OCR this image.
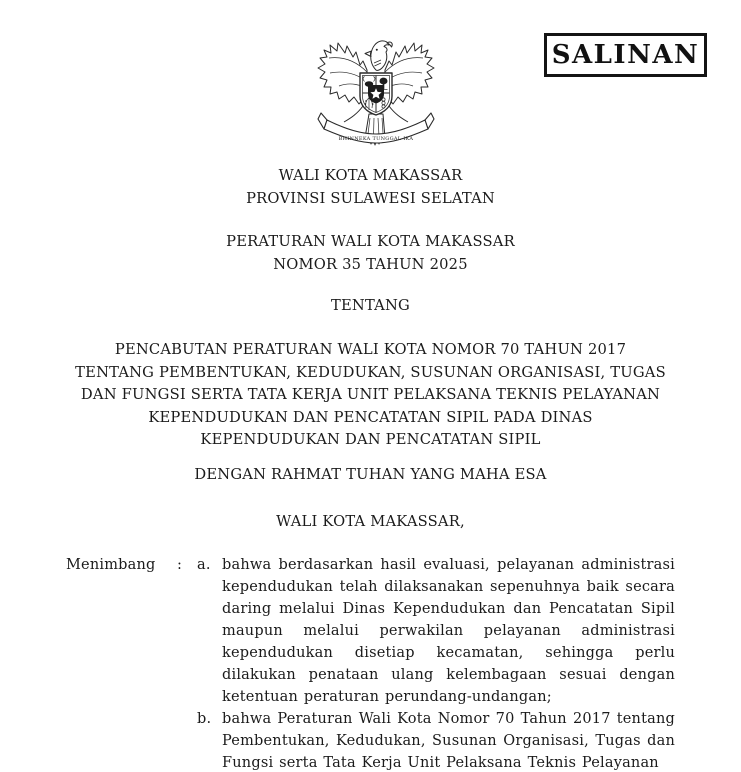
SALINAN
BHINNEKA TUNGGAL IKA
WALI KOTA MAKASSAR
PROVINSI SULAWESI SELATAN
PERATURAN WALI KOTA MAKASSAR
NOMOR 35 TAHUN 2025
TENTANG
PENCABUTAN PERATURAN WALI KOTA NOMOR 70 TAHUN 2017
TENTANG PEMBENTUKAN, KEDUDUKAN, SUSUNAN ORGANISASI, TUGAS
DAN FUNGSI SERTA TATA KERJA UNIT PELAKSANA TEKNIS PELAYANAN
KEPENDUDUKAN DAN PENCATATAN SIPIL PADA DINAS
KEPENDUDUKAN DAN PENCATATAN SIPIL
DENGAN RAHMAT TUHAN YANG MAHA ESA
WALI KOTA MAKASSAR,
Menimbang	:	a. bahwa berdasarkan hasil evaluasi, pelayanan administrasi kependudukan telah dilaksanakan sepenuhnya baik secara daring melalui Dinas Kependudukan dan Pencatatan Sipil maupun melalui perwakilan pelayanan administrasi kependudukan disetiap kecamatan, sehingga perlu dilakukan penataan ulang kelembagaan sesuai dengan ketentuan peraturan perundang-undangan;
b. bahwa Peraturan Wali Kota Nomor 70 Tahun 2017 tentang Pembentukan, Kedudukan, Susunan Organisasi, Tugas dan Fungsi serta Tata Kerja Unit Pelaksana Teknis Pelayanan
